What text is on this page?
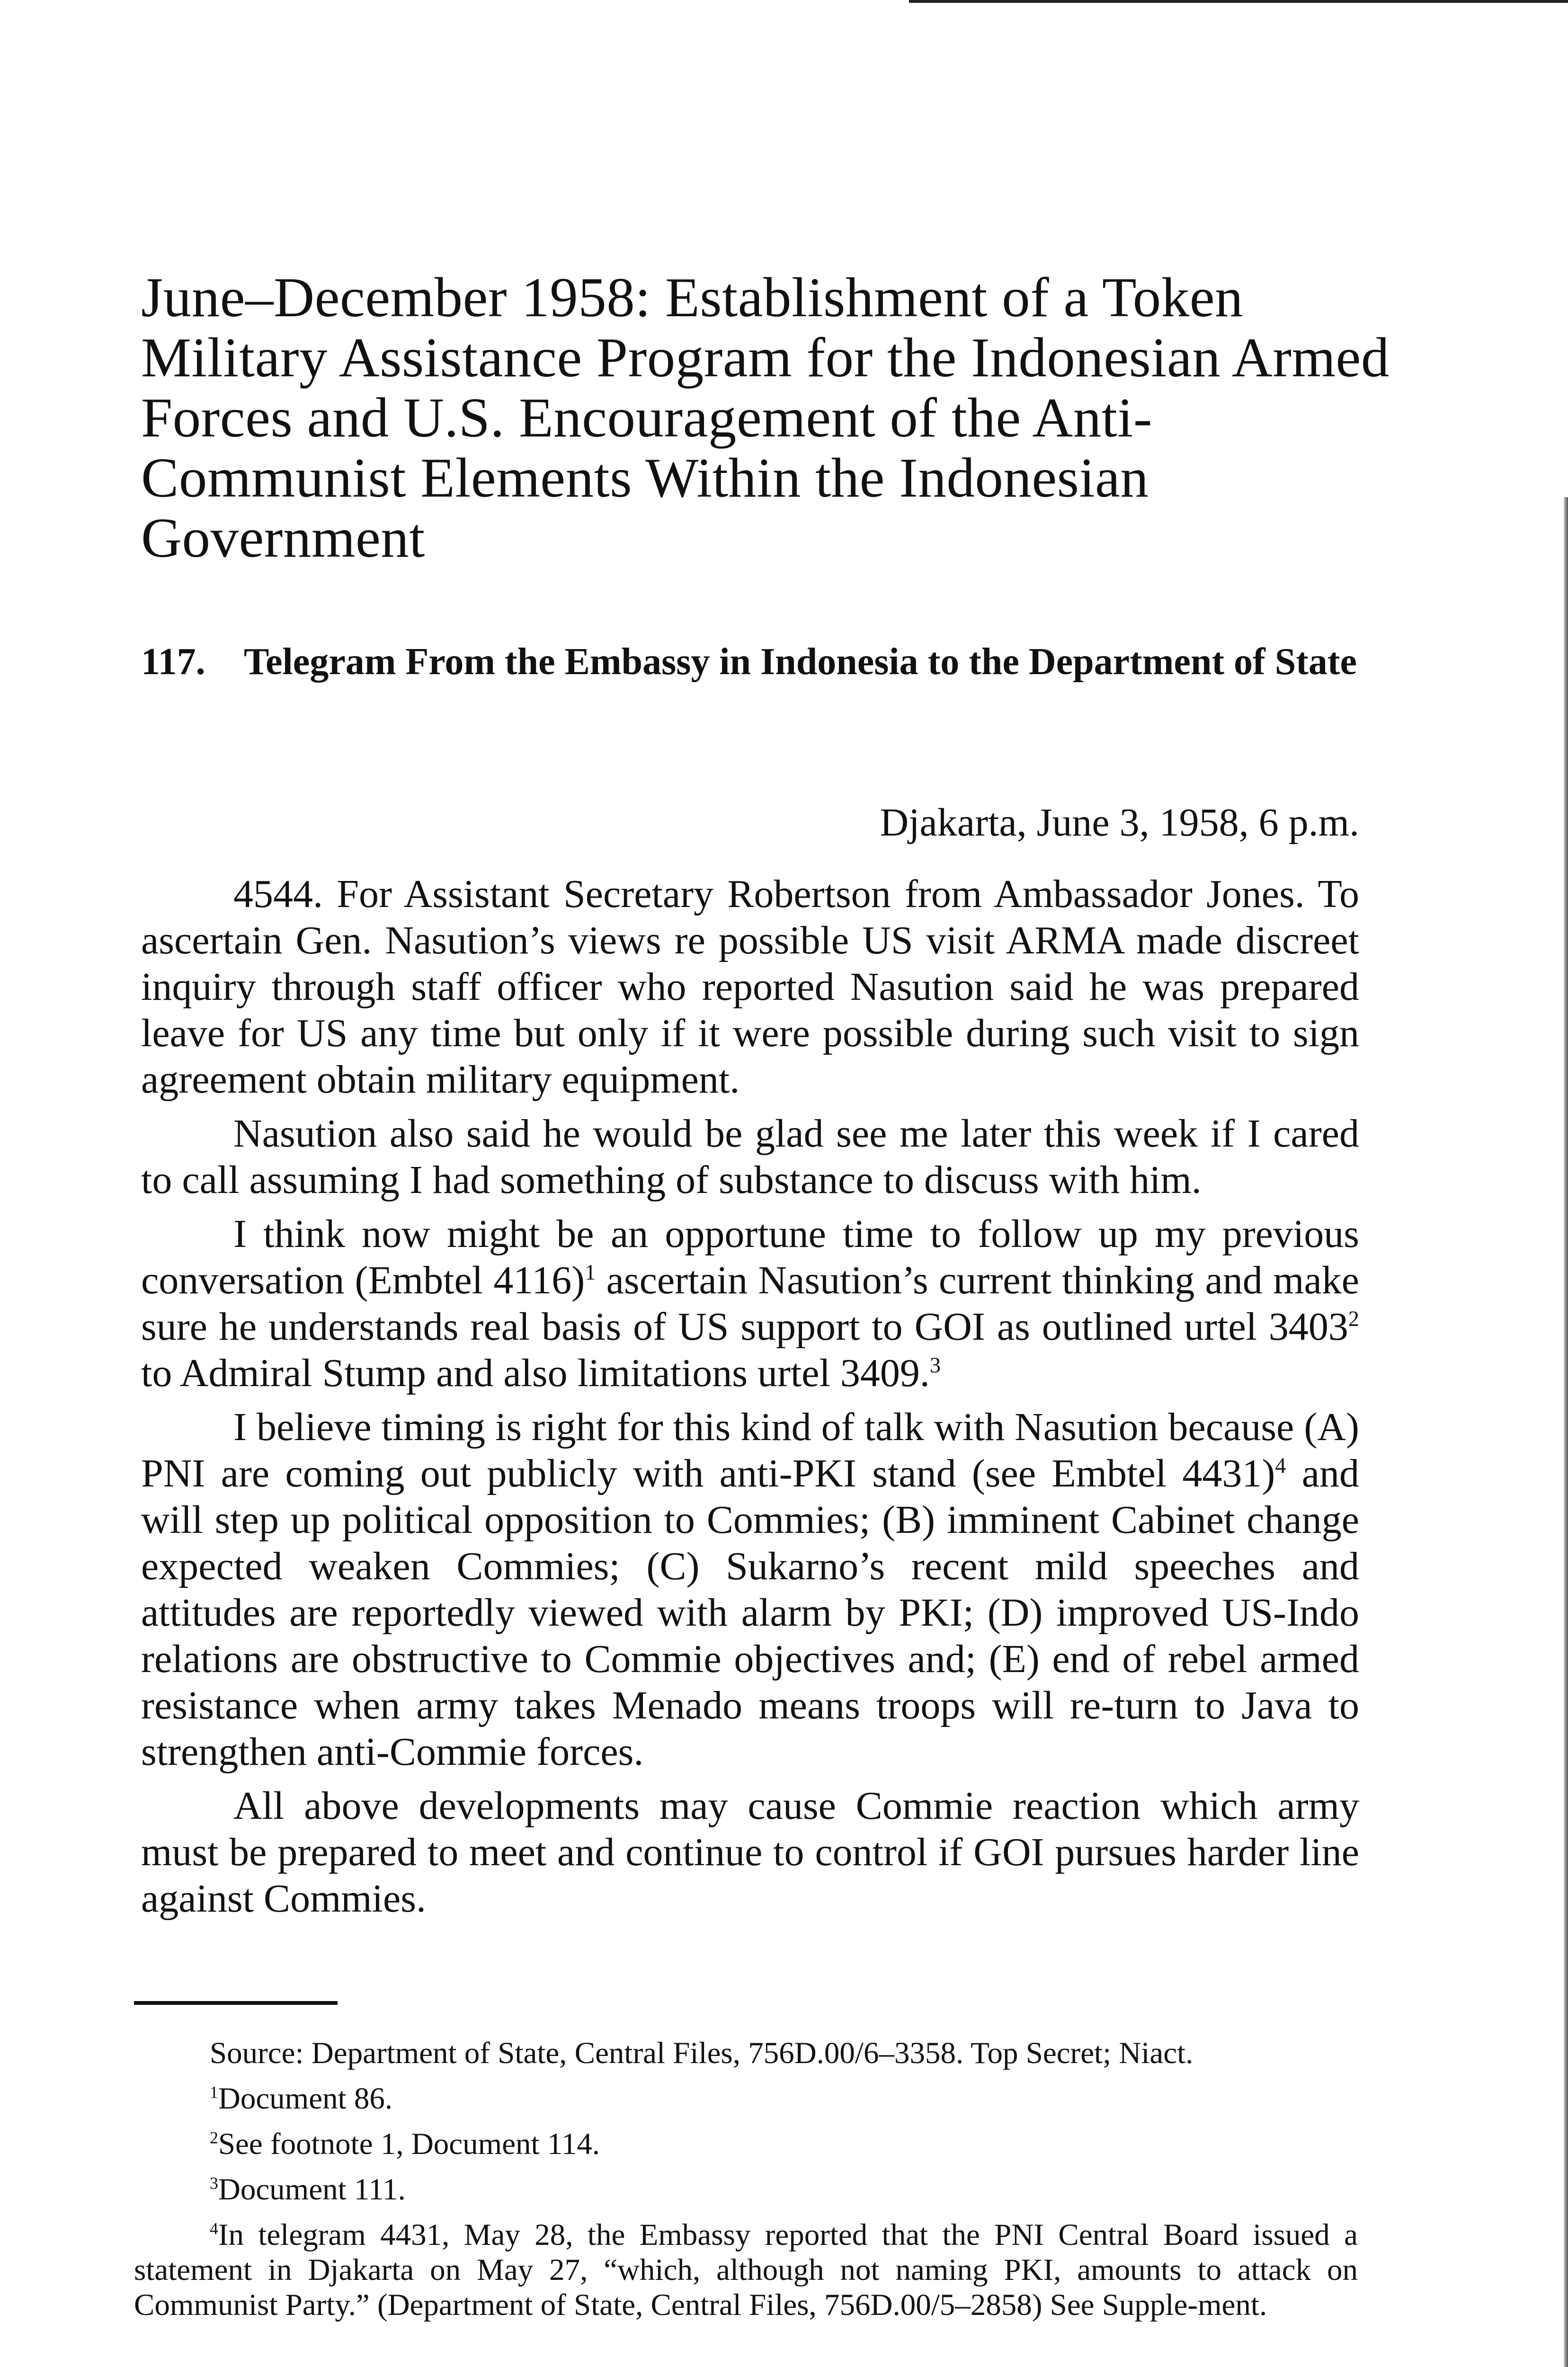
June–December 1958: Establishment of a Token Military Assistance Program for the Indonesian Armed Forces and U.S. Encouragement of the Anti-Communist Elements Within the Indonesian Government
117.	Telegram From the Embassy in Indonesia to the Department of State
Djakarta, June 3, 1958, 6 p.m.

4544. For Assistant Secretary Robertson from Ambassador Jones. To ascertain Gen. Nasution’s views re possible US visit ARMA made discreet inquiry through staff officer who reported Nasution said he was prepared leave for US any time but only if it were possible during such visit to sign agreement obtain military equipment.

Nasution also said he would be glad see me later this week if I cared to call assuming I had something of substance to discuss with him.

I think now might be an opportune time to follow up my previous conversation (Embtel 4116)$^1$ ascertain Nasution’s current thinking and make sure he understands real basis of US support to GOI as outlined urtel 3403$^2$ to Admiral Stump and also limitations urtel 3409.$^3$

I believe timing is right for this kind of talk with Nasution because (A) PNI are coming out publicly with anti-PKI stand (see Embtel 4431)$^4$ and will step up political opposition to Commies; (B) imminent Cabinet change expected weaken Commies; (C) Sukarno’s recent mild speeches and attitudes are reportedly viewed with alarm by PKI; (D) improved US-Indo relations are obstructive to Commie objectives and; (E) end of rebel armed resistance when army takes Menado means troops will re-turn to Java to strengthen anti-Commie forces.

All above developments may cause Commie reaction which army must be prepared to meet and continue to control if GOI pursues harder line against Commies.

Source: Department of State, Central Files, 756D.00/6–3358. Top Secret; Niact.

$^1$Document 86.

$^2$See footnote 1, Document 114.

$^3$Document 111.

$^4$In telegram 4431, May 28, the Embassy reported that the PNI Central Board issued a statement in Djakarta on May 27, “which, although not naming PKI, amounts to attack on Communist Party.” (Department of State, Central Files, 756D.00/5–2858) See Supple-ment.
